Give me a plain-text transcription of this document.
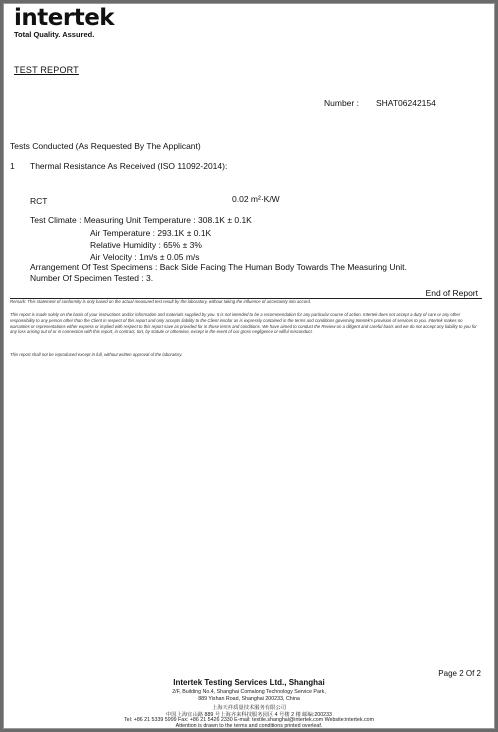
intertek
Total Quality. Assured.
TEST REPORT
Number : SHAT06242154
Tests Conducted (As Requested By The Applicant)
1 Thermal Resistance As Received (ISO 11092-2014):
RCT	0.02 m²·K/W
Test Climate : Measuring Unit Temperature : 308.1K ± 0.1K
Air Temperature : 293.1K ± 0.1K
Relative Humidity : 65% ± 3%
Air Velocity : 1m/s ± 0.05 m/s
Arrangement Of Test Specimens : Back Side Facing The Human Body Towards The Measuring Unit.
Number Of Specimen Tested : 3.
End of Report
Remark: This statement of conformity is only based on the actual measured test result by the laboratory, without taking the influence of uncertainty into accord.
This report is made solely on the basis of your instructions and/or information and materials supplied by you. It is not intended to be a recommendation for any particular course of action. Intertek does not accept a duty of care or any other responsibility to any person other than the Client in respect of this report and only accepts liability to the Client insofar as is expressly contained in the terms and conditions governing Intertek's provision of services to you. Intertek makes no warranties or representations either express or implied with respect to this report save as provided for in those terms and conditions. We have aimed to conduct the Review on a diligent and careful basis and we do not accept any liability to you for any loss arising out of or in connection with this report, in contract, tort, by statute or otherwise, except in the event of our gross negligence or wilful misconduct.
This report shall not be reproduced except in full, without written approval of the laboratory.
Page 2 Of 2
Intertek Testing Services Ltd., Shanghai
2/F, Building No.4, Shanghai Comalong Technology Service Park,
889 Yishan Road, Shanghai 200233, China
上海天祥质量技术服务有限公司
中国上海宜山路 889 号上海齐来科技服务园区 4 号楼 2 楼 邮编:200233
Tel: +86 21 5339 5999 Fax: +86 21 5426 2330 E-mail: textile.shanghai@intertek.com Website:intertek.com
Attention is drawn to the terms and conditions printed overleaf.
